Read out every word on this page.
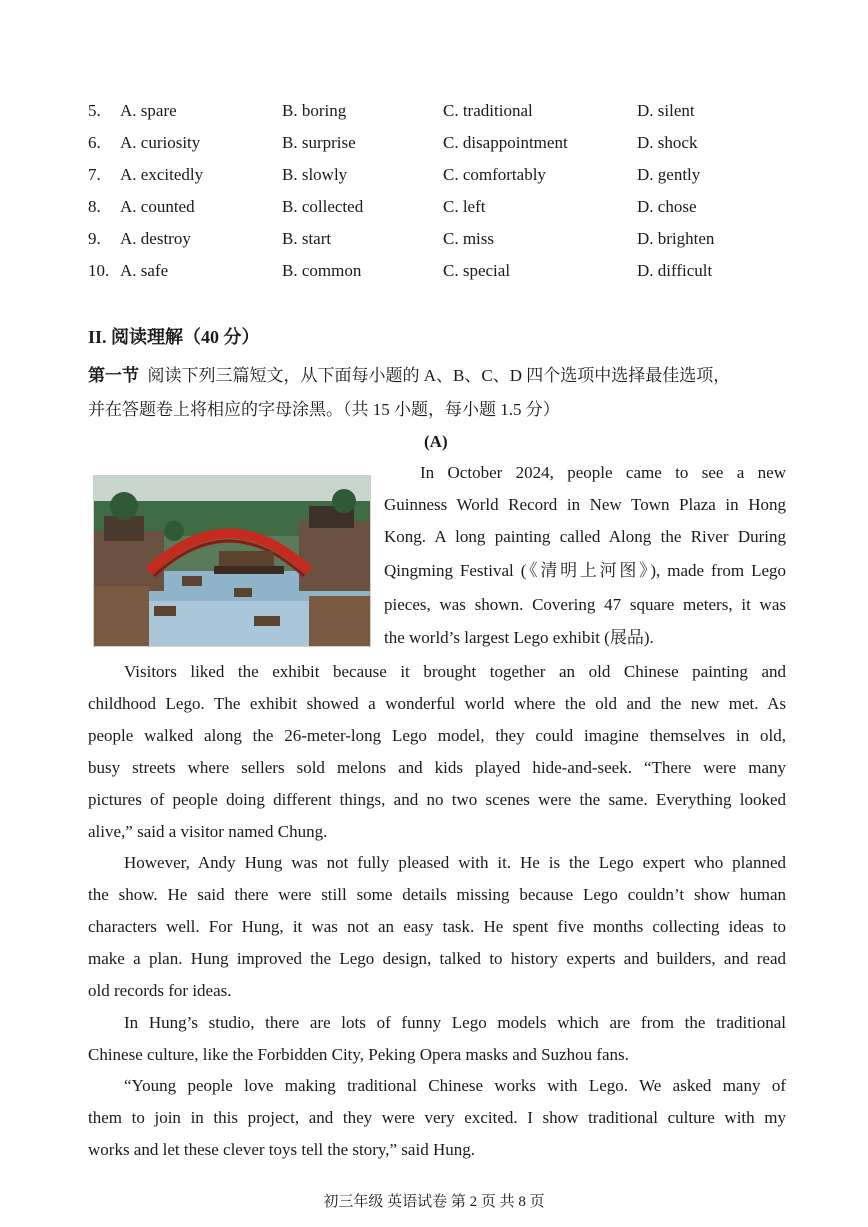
5. A. spare	B. boring	C. traditional	D. silent
6. A. curiosity	B. surprise	C. disappointment	D. shock
7. A. excitedly	B. slowly	C. comfortably	D. gently
8. A. counted	B. collected	C. left	D. chose
9. A. destroy	B. start	C. miss	D. brighten
10. A. safe	B. common	C. special	D. difficult
II. 阅读理解（40 分）
第一节 阅读下列三篇短文，从下面每小题的 A、B、C、D 四个选项中选择最佳选项，
并在答题卷上将相应的字母涂黑。（共 15 小题，每小题 1.5 分）
(A)
In October 2024, people came to see a new
Guinness World Record in New Town Plaza in Hong
Kong. A long painting called Along the River During
Qingming Festival (《清明上河图》), made from Lego
pieces, was shown. Covering 47 square meters, it was
the world’s largest Lego exhibit (展品).
Visitors liked the exhibit because it brought together an old Chinese painting and
childhood Lego. The exhibit showed a wonderful world where the old and the new met. As
people walked along the 26-meter-long Lego model, they could imagine themselves in old,
busy streets where sellers sold melons and kids played hide-and-seek. “There were many
pictures of people doing different things, and no two scenes were the same. Everything looked
alive,” said a visitor named Chung.
However, Andy Hung was not fully pleased with it. He is the Lego expert who planned
the show. He said there were still some details missing because Lego couldn’t show human
characters well. For Hung, it was not an easy task. He spent five months collecting ideas to
make a plan. Hung improved the Lego design, talked to history experts and builders, and read
old records for ideas.
In Hung’s studio, there are lots of funny Lego models which are from the traditional
Chinese culture, like the Forbidden City, Peking Opera masks and Suzhou fans.
“Young people love making traditional Chinese works with Lego. We asked many of
them to join in this project, and they were very excited. I show traditional culture with my
works and let these clever toys tell the story,” said Hung.
初三年级 英语试卷 第 2 页 共 8 页
